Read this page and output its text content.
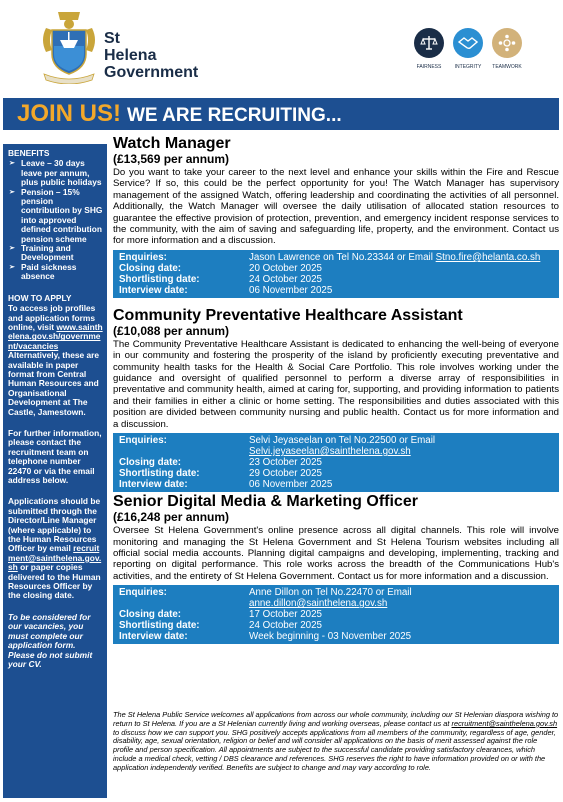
St Helena Government	FAIRNESS	INTEGRITY	TEAMWORK
JOIN US! WE ARE RECRUITING...
BENEFITS
➢ Leave – 30 days leave per annum, plus public holidays
➢ Pension – 15% pension contribution by SHG into approved defined contribution pension scheme
➢ Training and Development
➢ Paid sickness absence
HOW TO APPLY

To access job profiles and application forms online, visit www.sainthelena.gov.sh/government/vacancies Alternatively, these are available in paper format from Central Human Resources and Organisational Development at The Castle, Jamestown.

For further information, please contact the recruitment team on telephone number 22470 or via the email address below.

Applications should be submitted through the Director/Line Manager (where applicable) to the Human Resources Officer by email recruitment@sainthelena.gov.sh or paper copies delivered to the Human Resources Officer by the closing date.

To be considered for our vacancies, you must complete our application form. Please do not submit your CV.

Watch Manager
(£13,569 per annum)
Do you want to take your career to the next level and enhance your skills within the Fire and Rescue Service? If so, this could be the perfect opportunity for you! The Watch Manager has supervisory management of the assigned Watch, offering leadership and coordinating the activities of all personnel. Additionally, the Watch Manager will oversee the daily utilisation of allocated station resources to guarantee the effective provision of protection, prevention, and emergency incident response services to the community, with the aim of saving and safeguarding life, property, and the environment. Contact us for more information and a discussion.
Enquiries:	Jason Lawrence on Tel No.23344 or Email Stno.fire@helanta.co.sh
Closing date:	20 October 2025
Shortlisting date:	24 October 2025
Interview date:	06 November 2025
Community Preventative Healthcare Assistant
(£10,088 per annum)
The Community Preventative Healthcare Assistant is dedicated to enhancing the well-being of everyone in our community and fostering the prosperity of the island by proficiently executing preventative and community health tasks for the Health & Social Care Portfolio. This role involves working under the guidance and oversight of qualified personnel to perform a diverse array of responsibilities in preventative and community health, aimed at caring for, supporting, and providing information to patients and their families in either a clinic or home setting. The responsibilities and duties associated with this position are divided between community nursing and public health. Contact us for more information and a discussion.
Enquiries:	Selvi Jeyaseelan on Tel No.22500 or Email
Selvi.jeyaseelan@sainthelena.gov.sh
Closing date:	23 October 2025
Shortlisting date:	29 October 2025
Interview date:	06 November 2025
Senior Digital Media & Marketing Officer
(£16,248 per annum)
Oversee St Helena Government's online presence across all digital channels. This role will involve monitoring and managing the St Helena Government and St Helena Tourism websites including all official social media accounts. Planning digital campaigns and developing, implementing, tracking and reporting on digital performance. This role works across the breadth of the Communications Hub's activities, and the entirety of St Helena Government. Contact us for more information and a discussion.
Enquiries:	Anne Dillon on Tel No.22470 or Email
anne.dillon@sainthelena.gov.sh
Closing date:	17 October 2025
Shortlisting date:	24 October 2025
Interview date:	Week beginning - 03 November 2025
The St Helena Public Service welcomes all applications from across our whole community, including our St Helenian diaspora wishing to return to St Helena. If you are a St Helenian currently living and working overseas, please contact us at recruitment@sainthelena.gov.sh to discuss how we can support you. SHG positively accepts applications from all members of the community, regardless of age, gender, disability, age, sexual orientation, religion or belief and will consider all applications on the basis of merit assessed against the role profile and person specification. All appointments are subject to the successful candidate providing satisfactory clearances, which include a medical check, vetting / DBS clearance and references. SHG reserves the right to have information provided on or with the application independently verified. Benefits are subject to change and may vary according to role.
